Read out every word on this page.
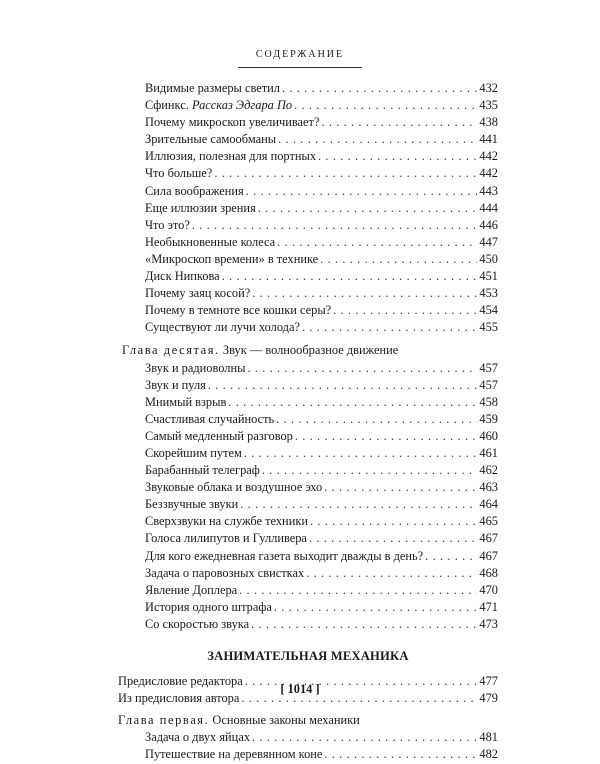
СОДЕРЖАНИЕ
Видимые размеры светил . . .	432
Сфинкс. Рассказ Эдгара По . . .	435
Почему микроскоп увеличивает? . . .	438
Зрительные самообманы . . .	441
Иллюзия, полезная для портных . . .	442
Что больше? . . .	442
Сила воображения . . .	443
Еще иллюзии зрения . . .	444
Что это? . . .	446
Необыкновенные колеса . . .	447
«Микроскоп времени» в технике . . .	450
Диск Нипкова . . .	451
Почему заяц косой? . . .	453
Почему в темноте все кошки серы? . . .	454
Существуют ли лучи холода? . . .	455
Глава десятая. Звук — волнообразное движение
Звук и радиоволны . . .	457
Звук и пуля . . .	457
Мнимый взрыв . . .	458
Счастливая случайность . . .	459
Самый медленный разговор . . .	460
Скорейшим путем . . .	461
Барабанный телеграф . . .	462
Звуковые облака и воздушное эхо . . .	463
Беззвучные звуки . . .	464
Сверхзвуки на службе техники . . .	465
Голоса лилипутов и Гулливера . . .	467
Для кого ежедневная газета выходит дважды в день? . . .	467
Задача о паровозных свистках . . .	468
Явление Доплера . . .	470
История одного штрафа . . .	471
Со скоростью звука . . .	473
ЗАНИМАТЕЛЬНАЯ МЕХАНИКА
Предисловие редактора . . .	477
Из предисловия автора . . .	479
Глава первая. Основные законы механики
Задача о двух яйцах . . .	481
Путешествие на деревянном коне . . .	482
[ 1014 ]
